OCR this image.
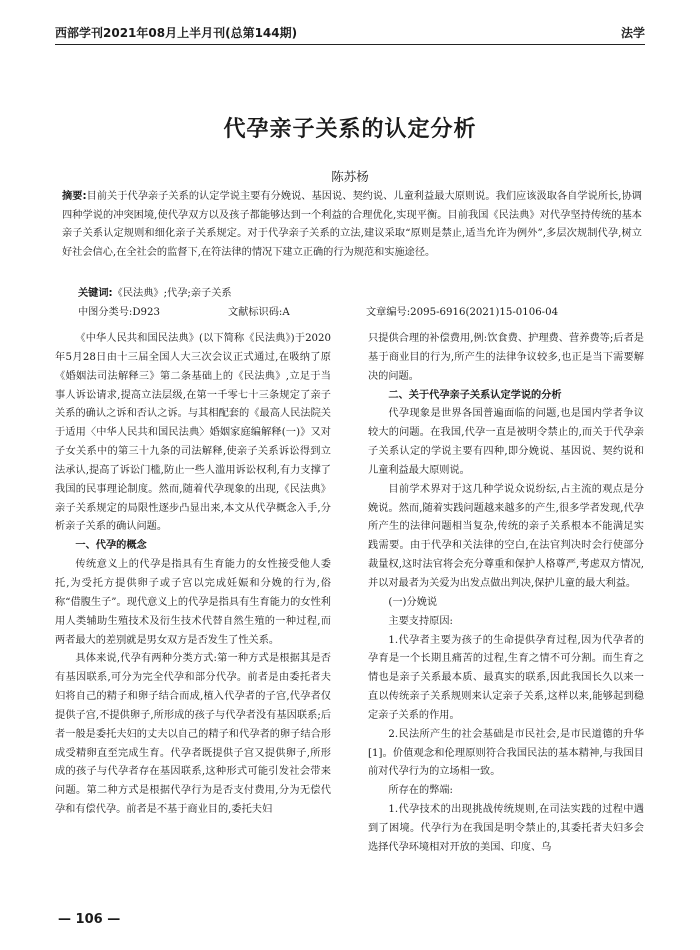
西部学刊2021年08月上半月刊(总第144期)	法学
代孕亲子关系的认定分析
陈苏杨
摘要:目前关于代孕亲子关系的认定学说主要有分娩说、基因说、契约说、儿童利益最大原则说。我们应该汲取各自学说所长,协调四种学说的冲突困境,使代孕双方以及孩子都能够达到一个利益的合理优化,实现平衡。目前我国《民法典》对代孕坚持传统的基本亲子关系认定规则和细化亲子关系规定。对于代孕亲子关系的立法,建议采取“原则是禁止,适当允许为例外”,多层次规制代孕,树立好社会信心,在全社会的监督下,在符法律的情况下建立正确的行为规范和实施途径。
关键词:《民法典》;代孕;亲子关系
中图分类号:D923	文献标识码:A	文章编号:2095-6916(2021)15-0106-04

《中华人民共和国民法典》(以下简称《民法典》)于2020年5月28日由十三届全国人大三次会议正式通过,在吸纳了原《婚姻法司法解释三》第二条基础上的《民法典》,立足于当事人诉讼请求,提高立法层级,在第一千零七十三条规定了亲子关系的确认之诉和否认之诉。与其相配套的《最高人民法院关于适用〈中华人民共和国民法典〉婚姻家庭编解释(一)》又对子女关系中的第三十九条的司法解释,使亲子关系诉讼得到立法承认,提高了诉讼门槛,防止一些人滥用诉讼权利,有力支撑了我国的民事理论制度。然而,随着代孕现象的出现,《民法典》亲子关系规定的局限性逐步凸显出来,本文从代孕概念入手,分析亲子关系的确认问题。

一、代孕的概念

传统意义上的代孕是指具有生育能力的女性接受他人委托,为受托方提供卵子或子宫以完成妊娠和分娩的行为,俗称“借腹生子”。现代意义上的代孕是指具有生育能力的女性利用人类辅助生殖技术及衍生技术代替自然生殖的一种过程,而两者最大的差别就是男女双方是否发生了性关系。

具体来说,代孕有两种分类方式:第一种方式是根据其是否有基因联系,可分为完全代孕和部分代孕。前者是由委托者夫妇将自己的精子和卵子结合而成,植入代孕者的子宫,代孕者仅提供子宫,不提供卵子,所形成的孩子与代孕者没有基因联系;后者一般是委托夫妇的丈夫以自己的精子和代孕者的卵子结合形成受精卵直至完成生育。代孕者既提供子宫又提供卵子,所形成的孩子与代孕者存在基因联系,这种形式可能引发社会带来问题。第二种方式是根据代孕行为是否支付费用,分为无偿代孕和有偿代孕。前者是不基于商业目的,委托夫妇

只提供合理的补偿费用,例:饮食费、护理费、营养费等;后者是基于商业目的行为,所产生的法律争议较多,也正是当下需要解决的问题。

二、关于代孕亲子关系认定学说的分析

代孕现象是世界各国普遍面临的问题,也是国内学者争议较大的问题。在我国,代孕一直是被明令禁止的,而关于代孕亲子关系认定的学说主要有四种,即分娩说、基因说、契约说和儿童利益最大原则说。

目前学术界对于这几种学说众说纷纭,占主流的观点是分娩说。然而,随着实践问题越来越多的产生,很多学者发现,代孕所产生的法律问题相当复杂,传统的亲子关系根本不能满足实践需要。由于代孕和关法律的空白,在法官判决时会行使部分裁量权,这时法官将会充分尊重和保护人格尊严,考虑双方情况,并以对最者为关爱为出发点做出判决,保护儿童的最大利益。

(一)分娩说

主要支持原因:

1.代孕者主要为孩子的生命提供孕育过程,因为代孕者的孕育是一个长期且痛苦的过程,生育之情不可分割。而生育之情也是亲子关系最本质、最真实的联系,因此我国长久以来一直以传统亲子关系规则来认定亲子关系,这样以来,能够起到稳定亲子关系的作用。

2.民法所产生的社会基础是市民社会,是市民道德的升华[1]。价值观念和伦理原则符合我国民法的基本精神,与我国目前对代孕行为的立场相一致。

所存在的弊端:

1.代孕技术的出现挑战传统规则,在司法实践的过程中遇到了困境。代孕行为在我国是明令禁止的,其委托者夫妇多会选择代孕环境相对开放的美国、印度、乌

— 106 —
